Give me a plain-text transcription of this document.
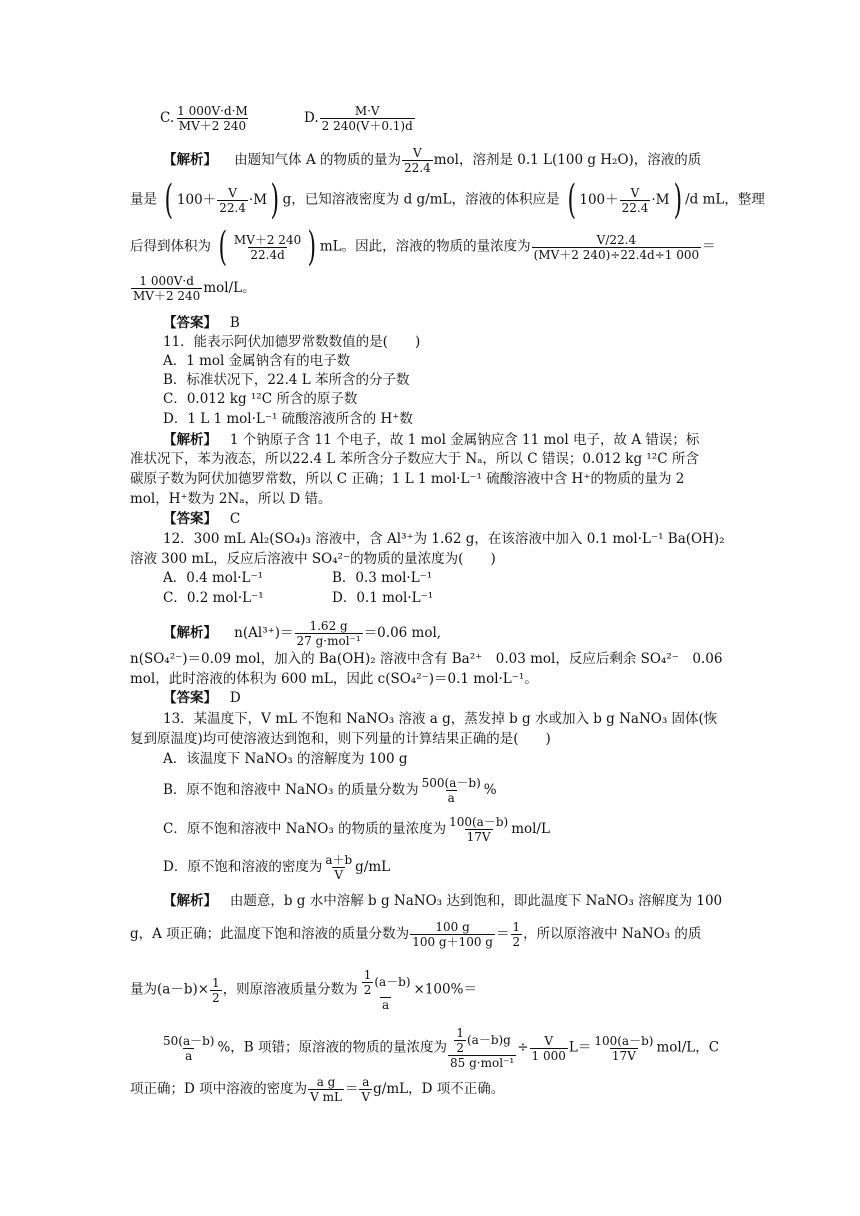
C. $\frac{1 000V\cdot d\cdot M}{MV+2 240}$	D. $\frac{M\cdot V}{2 240(V+0.1)d}$
【解析】 由题知气体 A 的物质的量为 $\frac{V}{22.4}$ mol，溶剂是 0.1 L(100 g H₂O)，溶液的质
量是 ( $100+ \frac{V}{22.4} \cdot M$ ) g，已知溶液密度为 d g/mL，溶液的体积应是 ( $100+ \frac{V}{22.4} \cdot M$ ) /d mL，整理
后得到体积为 ( $\frac{MV+2 240}{22.4d}$ ) mL。因此，溶液的物质的量浓度为 $\frac{V/22.4}{(MV+2 240)\div 22.4d\div 1 000}$ ＝
$\frac{1 000V\cdot d}{MV+2 240} mol/L$。
【答案】 B
11．能表示阿伏加德罗常数数值的是(　　)
A．1 mol 金属钠含有的电子数
B．标准状况下，22.4 L 苯所含的分子数
C．0.012 kg ¹²C 所含的原子数
D．1 L 1 mol·L⁻¹ 硫酸溶液所含的 H⁺数
【解析】 1 个钠原子含 11 个电子，故 1 mol 金属钠应含 11 mol 电子，故 A 错误；标
准状况下，苯为液态，所以22.4 L 苯所含分子数应大于 Nₐ，所以 C 错误；0.012 kg ¹²C 所含
碳原子数为阿伏加德罗常数，所以 C 正确；1 L 1 mol·L⁻¹ 硫酸溶液中含 H⁺的物质的量为 2
mol，H⁺数为 2Nₐ，所以 D 错。
【答案】 C
12．300 mL Al₂(SO₄)₃ 溶液中，含 Al³⁺为 1.62 g，在该溶液中加入 0.1 mol·L⁻¹ Ba(OH)₂
溶液 300 mL，反应后溶液中 SO₄²⁻的物质的量浓度为(　　)
A．0.4 mol·L⁻¹	B．0.3 mol·L⁻¹
C．0.2 mol·L⁻¹	D．0.1 mol·L⁻¹
【解析】 $n(Al^{3+})= \frac{1.62 g}{\text{27 g·mol⁻¹}} =0.06$ mol,
n(SO₄²⁻)＝0.09 mol，加入的 Ba(OH)₂ 溶液中含有 Ba²⁺　0.03 mol，反应后剩余 SO₄²⁻　0.06
mol，此时溶液的体积为 600 mL，因此 c(SO₄²⁻)＝0.1 mol·L⁻¹。
【答案】 D
13．某温度下，V mL 不饱和 NaNO₃ 溶液 a g，蒸发掉 b g 水或加入 b g NaNO₃ 固体(恢
复到原温度)均可使溶液达到饱和，则下列量的计算结果正确的是(　　)
A．该温度下 NaNO₃ 的溶解度为 100 g
B．原不饱和溶液中 NaNO₃ 的质量分数为 $\frac{500(a-b)}{a}$ %
C．原不饱和溶液中 NaNO₃ 的物质的量浓度为 $\frac{100(a-b)}{17V} mol/L$
D．原不饱和溶液的密度为 $\frac{a+b}{V} g/mL$
【解析】 由题意，b g 水中溶解 b g NaNO₃ 达到饱和，即此温度下 NaNO₃ 溶解度为 100
g，A 项正确；此温度下饱和溶液的质量分数为 $\frac{100 g}{100 g+100 g} = \frac{1}{2}$ ，所以原溶液中 NaNO₃ 的质
量为$(a-b)\times \frac{1}{2}$ ，则原溶液质量分数为 $\frac{\frac{1}{2} (a-b)}{a} \times 100\%=$
$\frac{50(a-b)}{a}$ %，B 项错；原溶液的物质的量浓度为 $\frac{\frac{1}{2} (a-b)g}{\text{85 g·mol⁻¹}} \div \frac{V}{1 000} L= \frac{100(a-b)}{17V} mol/L$，C
项正确；D 项中溶液的密度为 $\frac{\text{a g}}{\text{V mL}} = \frac{a}{V} g/mL$，D 项不正确。
